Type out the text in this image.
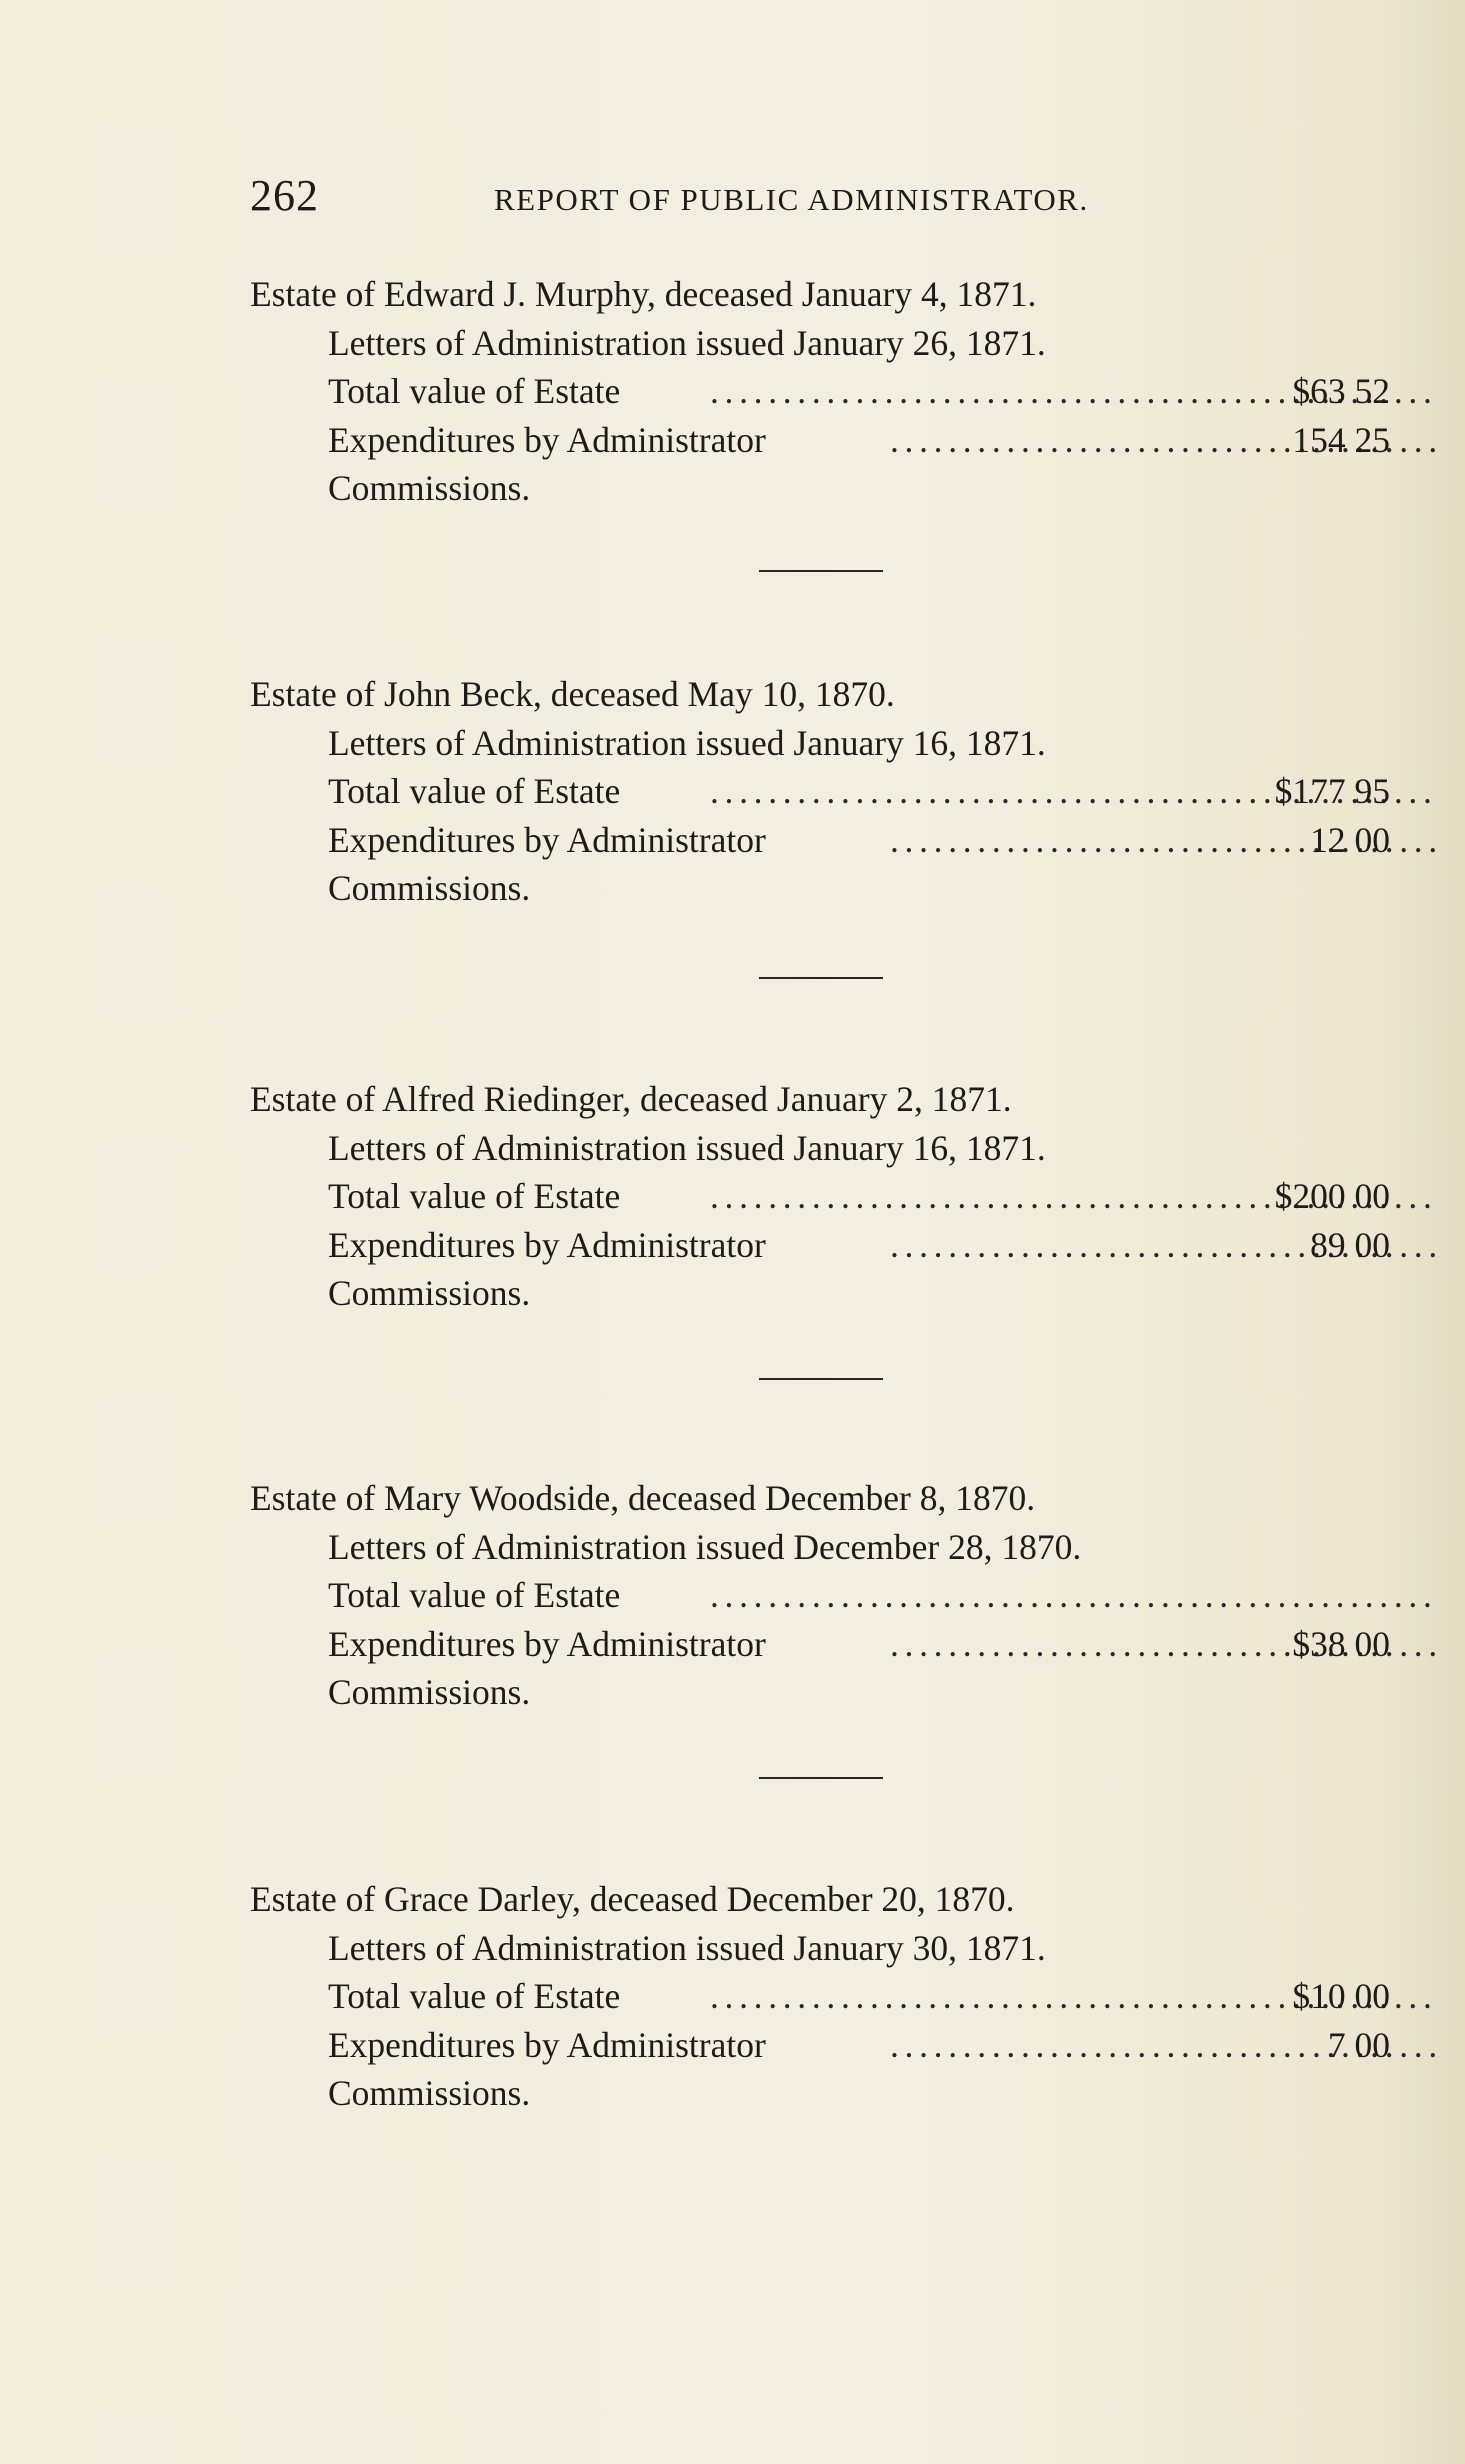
262	REPORT OF PUBLIC ADMINISTRATOR.
Estate of Edward J. Murphy, deceased January 4, 1871.
Letters of Administration issued January 26, 1871.
Total value of Estate . . .	$63 52
Expenditures by Administrator . . .	154 25
Commissions.
Estate of John Beck, deceased May 10, 1870.
Letters of Administration issued January 16, 1871.
Total value of Estate . . .	$177 95
Expenditures by Administrator . . .	12 00
Commissions.
Estate of Alfred Riedinger, deceased January 2, 1871.
Letters of Administration issued January 16, 1871.
Total value of Estate . . .	$200 00
Expenditures by Administrator . . .	89 00
Commissions.
Estate of Mary Woodside, deceased December 8, 1870.
Letters of Administration issued December 28, 1870.
Total value of Estate
. . .
Expenditures by Administrator . . .	$38 00
Commissions.
Estate of Grace Darley, deceased December 20, 1870.
Letters of Administration issued January 30, 1871.
Total value of Estate . . .	$10 00
Expenditures by Administrator . . .	7 00
Commissions.
